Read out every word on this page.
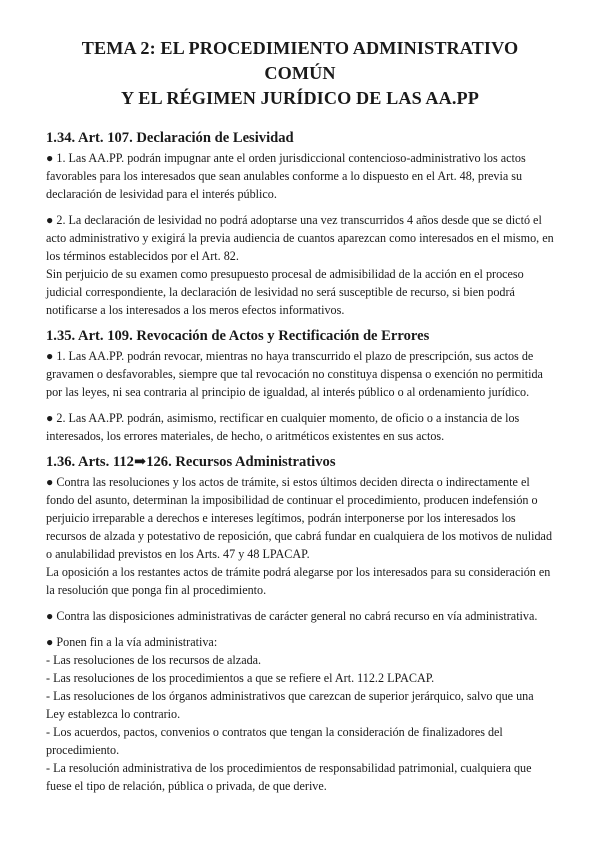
TEMA 2: EL PROCEDIMIENTO ADMINISTRATIVO COMÚN
Y EL RÉGIMEN JURÍDICO DE LAS AA.PP
1.34. Art. 107. Declaración de Lesividad

● 1. Las AA.PP. podrán impugnar ante el orden jurisdiccional contencioso-administrativo los actos favorables para los interesados que sean anulables conforme a lo dispuesto en el Art. 48, previa su declaración de lesividad para el interés público.

● 2. La declaración de lesividad no podrá adoptarse una vez transcurridos 4 años desde que se dictó el acto administrativo y exigirá la previa audiencia de cuantos aparezcan como interesados en el mismo, en los términos establecidos por el Art. 82.

Sin perjuicio de su examen como presupuesto procesal de admisibilidad de la acción en el proceso judicial correspondiente, la declaración de lesividad no será susceptible de recurso, si bien podrá notificarse a los interesados a los meros efectos informativos.

1.35. Art. 109. Revocación de Actos y Rectificación de Errores

● 1. Las AA.PP. podrán revocar, mientras no haya transcurrido el plazo de prescripción, sus actos de gravamen o desfavorables, siempre que tal revocación no constituya dispensa o exención no permitida por las leyes, ni sea contraria al principio de igualdad, al interés público o al ordenamiento jurídico.

● 2. Las AA.PP. podrán, asimismo, rectificar en cualquier momento, de oficio o a instancia de los interesados, los errores materiales, de hecho, o aritméticos existentes en sus actos.

1.36. Arts. 112➡126. Recursos Administrativos

● Contra las resoluciones y los actos de trámite, si estos últimos deciden directa o indirectamente el fondo del asunto, determinan la imposibilidad de continuar el procedimiento, producen indefensión o perjuicio irreparable a derechos e intereses legítimos, podrán interponerse por los interesados los recursos de alzada y potestativo de reposición, que cabrá fundar en cualquiera de los motivos de nulidad o anulabilidad previstos en los Arts. 47 y 48 LPACAP.

La oposición a los restantes actos de trámite podrá alegarse por los interesados para su consideración en la resolución que ponga fin al procedimiento.

● Contra las disposiciones administrativas de carácter general no cabrá recurso en vía administrativa.

● Ponen fin a la vía administrativa:

- Las resoluciones de los recursos de alzada.

- Las resoluciones de los procedimientos a que se refiere el Art. 112.2 LPACAP.

- Las resoluciones de los órganos administrativos que carezcan de superior jerárquico, salvo que una Ley establezca lo contrario.

- Los acuerdos, pactos, convenios o contratos que tengan la consideración de finalizadores del procedimiento.

- La resolución administrativa de los procedimientos de responsabilidad patrimonial, cualquiera que fuese el tipo de relación, pública o privada, de que derive.
